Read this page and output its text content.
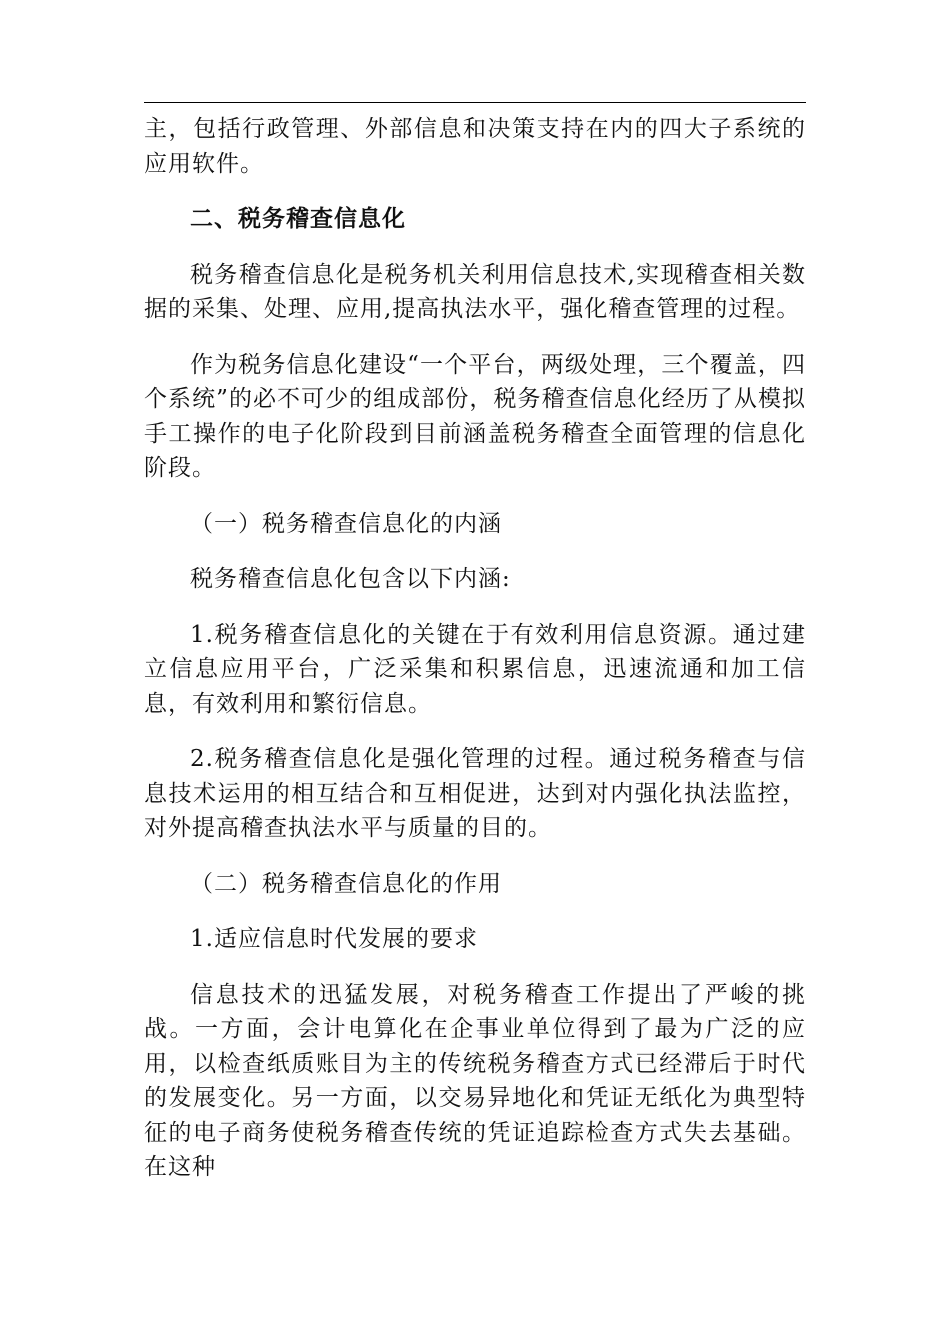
主，包括行政管理、外部信息和决策支持在内的四大子系统的应用软件。

二、税务稽查信息化

税务稽查信息化是税务机关利用信息技术,实现稽查相关数据的采集、处理、应用,提高执法水平，强化稽查管理的过程。

作为税务信息化建设“一个平台，两级处理，三个覆盖，四个系统”的必不可少的组成部份，税务稽查信息化经历了从模拟手工操作的电子化阶段到目前涵盖税务稽查全面管理的信息化阶段。

（一）税务稽查信息化的内涵

税务稽查信息化包含以下内涵:

1.税务稽查信息化的关键在于有效利用信息资源。通过建立信息应用平台，广泛采集和积累信息，迅速流通和加工信息，有效利用和繁衍信息。

2.税务稽查信息化是强化管理的过程。通过税务稽查与信息技术运用的相互结合和互相促进，达到对内强化执法监控，对外提高稽查执法水平与质量的目的。

（二）税务稽查信息化的作用

1.适应信息时代发展的要求

信息技术的迅猛发展，对税务稽查工作提出了严峻的挑战。一方面，会计电算化在企事业单位得到了最为广泛的应用，以检查纸质账目为主的传统税务稽查方式已经滞后于时代的发展变化。另一方面，以交易异地化和凭证无纸化为典型特征的电子商务使税务稽查传统的凭证追踪检查方式失去基础。在这种
